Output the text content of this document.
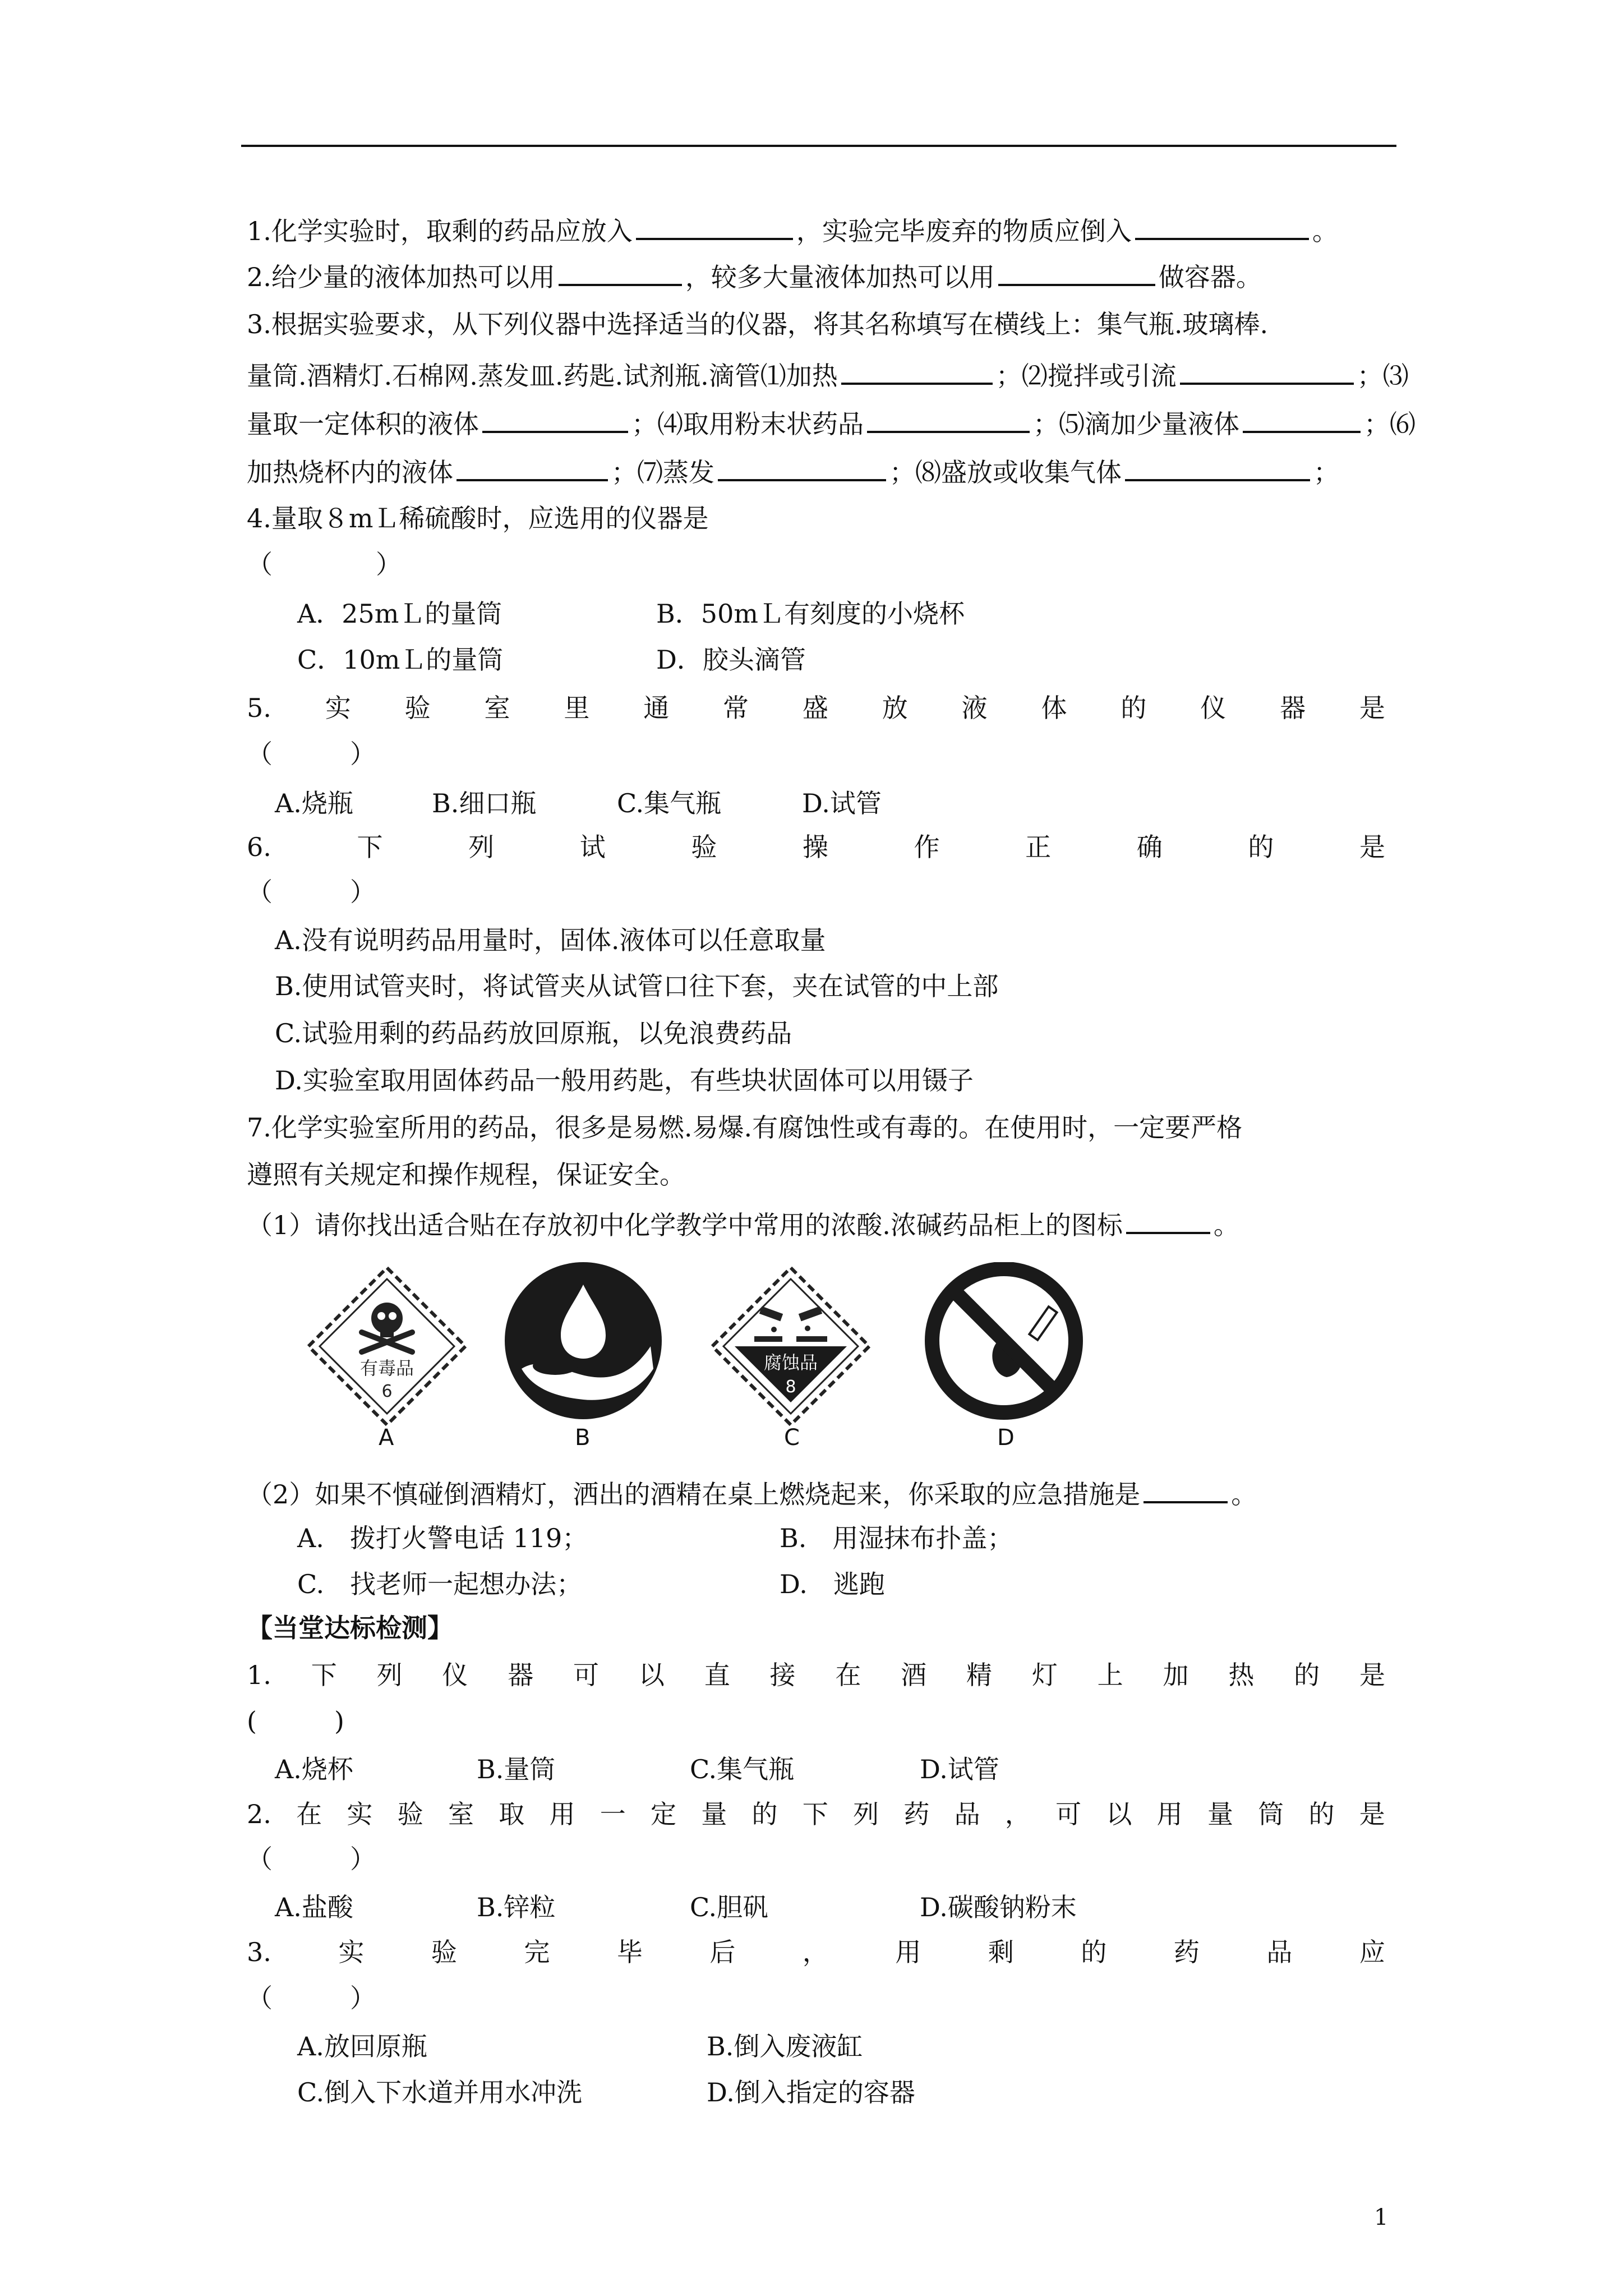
1.化学实验时，取剩的药品应放入	，实验完毕废弃的物质应倒入	。
2.给少量的液体加热可以用	，较多大量液体加热可以用	做容器。
3.根据实验要求，从下列仪器中选择适当的仪器，将其名称填写在横线上：集气瓶.玻璃棒.
量筒.酒精灯.石棉网.蒸发皿.药匙.试剂瓶.滴管⑴加热	；⑵搅拌或引流	；⑶
量取一定体积的液体	；⑷取用粉末状药品	；⑸滴加少量液体	；⑹
加热烧杯内的液体	；⑺蒸发	；⑻盛放或收集气体	；
4.量取８mＬ稀硫酸时，应选用的仪器是
（　　　　）
A．25mＬ的量筒	B．50mＬ有刻度的小烧杯
C．10mＬ的量筒	D．胶头滴管
5. 实 验 室 里 通 常 盛 放 液 体 的 仪 器 是
（　　　）
A.烧瓶	B.细口瓶	C.集气瓶	D.试管
6.	下	列	试	验	操	作	正	确	的	是
（　　　）
A.没有说明药品用量时，固体.液体可以任意取量
B.使用试管夹时，将试管夹从试管口往下套，夹在试管的中上部
C.试验用剩的药品药放回原瓶，以免浪费药品
D.实验室取用固体药品一般用药匙，有些块状固体可以用镊子
7.化学实验室所用的药品，很多是易燃.易爆.有腐蚀性或有毒的。在使用时，一定要严格
遵照有关规定和操作规程，保证安全。
（1）请你找出适合贴在存放初中化学教学中常用的浓酸.浓碱药品柜上的图标	。
有毒品
6
A	B
腐蚀品
8
C	D
（2）如果不慎碰倒酒精灯，洒出的酒精在桌上燃烧起来，你采取的应急措施是	。
A.　拨打火警电话 119；	B.　用湿抹布扑盖；
C.　找老师一起想办法；	D.　逃跑
【当堂达标检测】
1. 下 列 仪 器 可 以 直 接 在 酒 精 灯 上 加 热 的 是
(　　　)
A.烧杯	B.量筒	C.集气瓶	D.试管
2. 在 实 验 室 取 用 一 定 量 的 下 列 药 品 ， 可 以 用 量 筒 的 是
（　　　）
A.盐酸	B.锌粒	C.胆矾	D.碳酸钠粉末
3.	实	验	完	毕	后	，	用	剩	的	药	品	应
（　　　）
A.放回原瓶	B.倒入废液缸
C.倒入下水道并用水冲洗	D.倒入指定的容器
1
